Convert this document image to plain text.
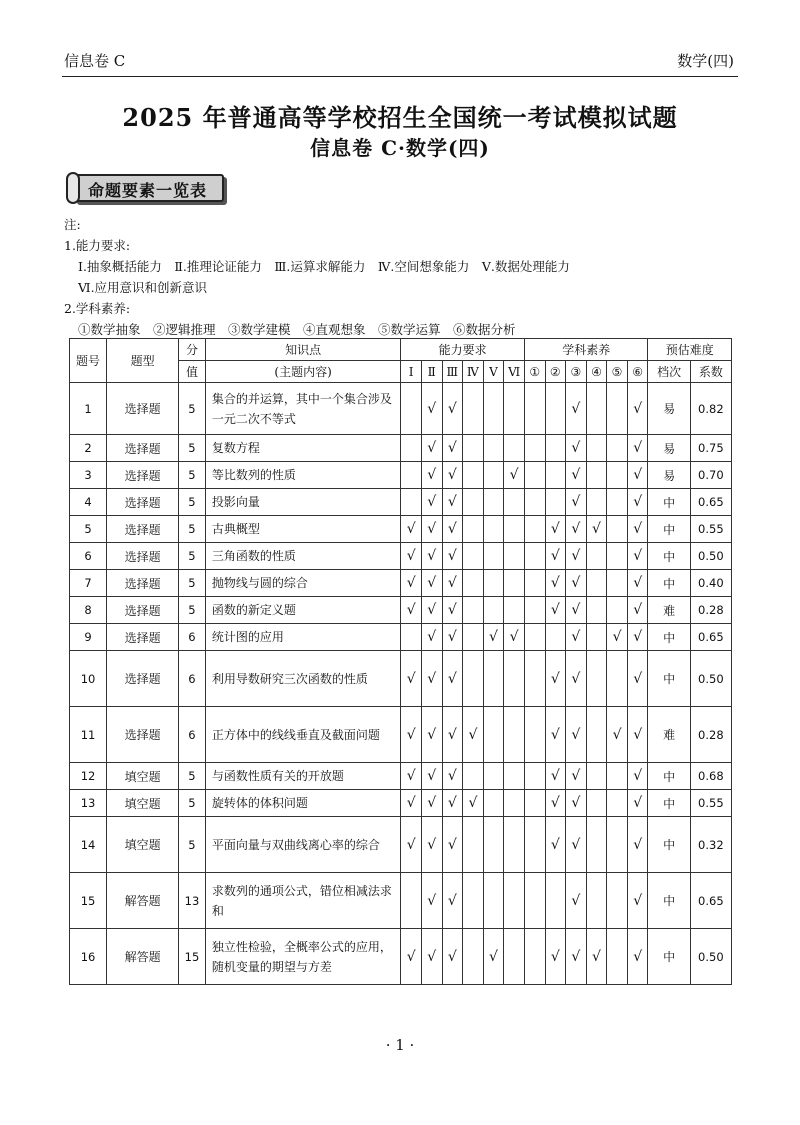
信息卷 C	数学(四)
2025 年普通高等学校招生全国统一考试模拟试题
信息卷 C·数学(四)
命题要素一览表
注:
1.能力要求:
Ⅰ.抽象概括能力　Ⅱ.推理论证能力　Ⅲ.运算求解能力　Ⅳ.空间想象能力　Ⅴ.数据处理能力
Ⅵ.应用意识和创新意识
2.学科素养:
①数学抽象　②逻辑推理　③数学建模　④直观想象　⑤数学运算　⑥数据分析
题号	题型	分	知识点	能力要求						学科素养						预估难度	
		值	(主题内容)	Ⅰ	Ⅱ	Ⅲ	Ⅳ	Ⅴ	Ⅵ	①	②	③	④	⑤	⑥	档次	系数
1	选择题	5	集合的并运算，其中一个集合涉及一元二次不等式		√	√						√			√	易	0.82
2	选择题	5	复数方程		√	√						√			√	易	0.75
3	选择题	5	等比数列的性质		√	√			√			√			√	易	0.70
4	选择题	5	投影向量		√	√						√			√	中	0.65
5	选择题	5	古典概型	√	√	√					√	√	√		√	中	0.55
6	选择题	5	三角函数的性质	√	√	√					√	√			√	中	0.50
7	选择题	5	抛物线与圆的综合	√	√	√					√	√			√	中	0.40
8	选择题	5	函数的新定义题	√	√	√					√	√			√	难	0.28
9	选择题	6	统计图的应用		√	√		√	√			√		√	√	中	0.65
10	选择题	6	利用导数研究三次函数的性质	√	√	√					√	√			√	中	0.50
11	选择题	6	正方体中的线线垂直及截面问题	√	√	√	√				√	√		√	√	难	0.28
12	填空题	5	与函数性质有关的开放题	√	√	√					√	√			√	中	0.68
13	填空题	5	旋转体的体积问题	√	√	√	√				√	√			√	中	0.55
14	填空题	5	平面向量与双曲线离心率的综合	√	√	√					√	√			√	中	0.32
15	解答题	13	求数列的通项公式，错位相减法求和		√	√						√			√	中	0.65
16	解答题	15	独立性检验，全概率公式的应用，随机变量的期望与方差	√	√	√		√			√	√	√		√	中	0.50
· 1 ·
